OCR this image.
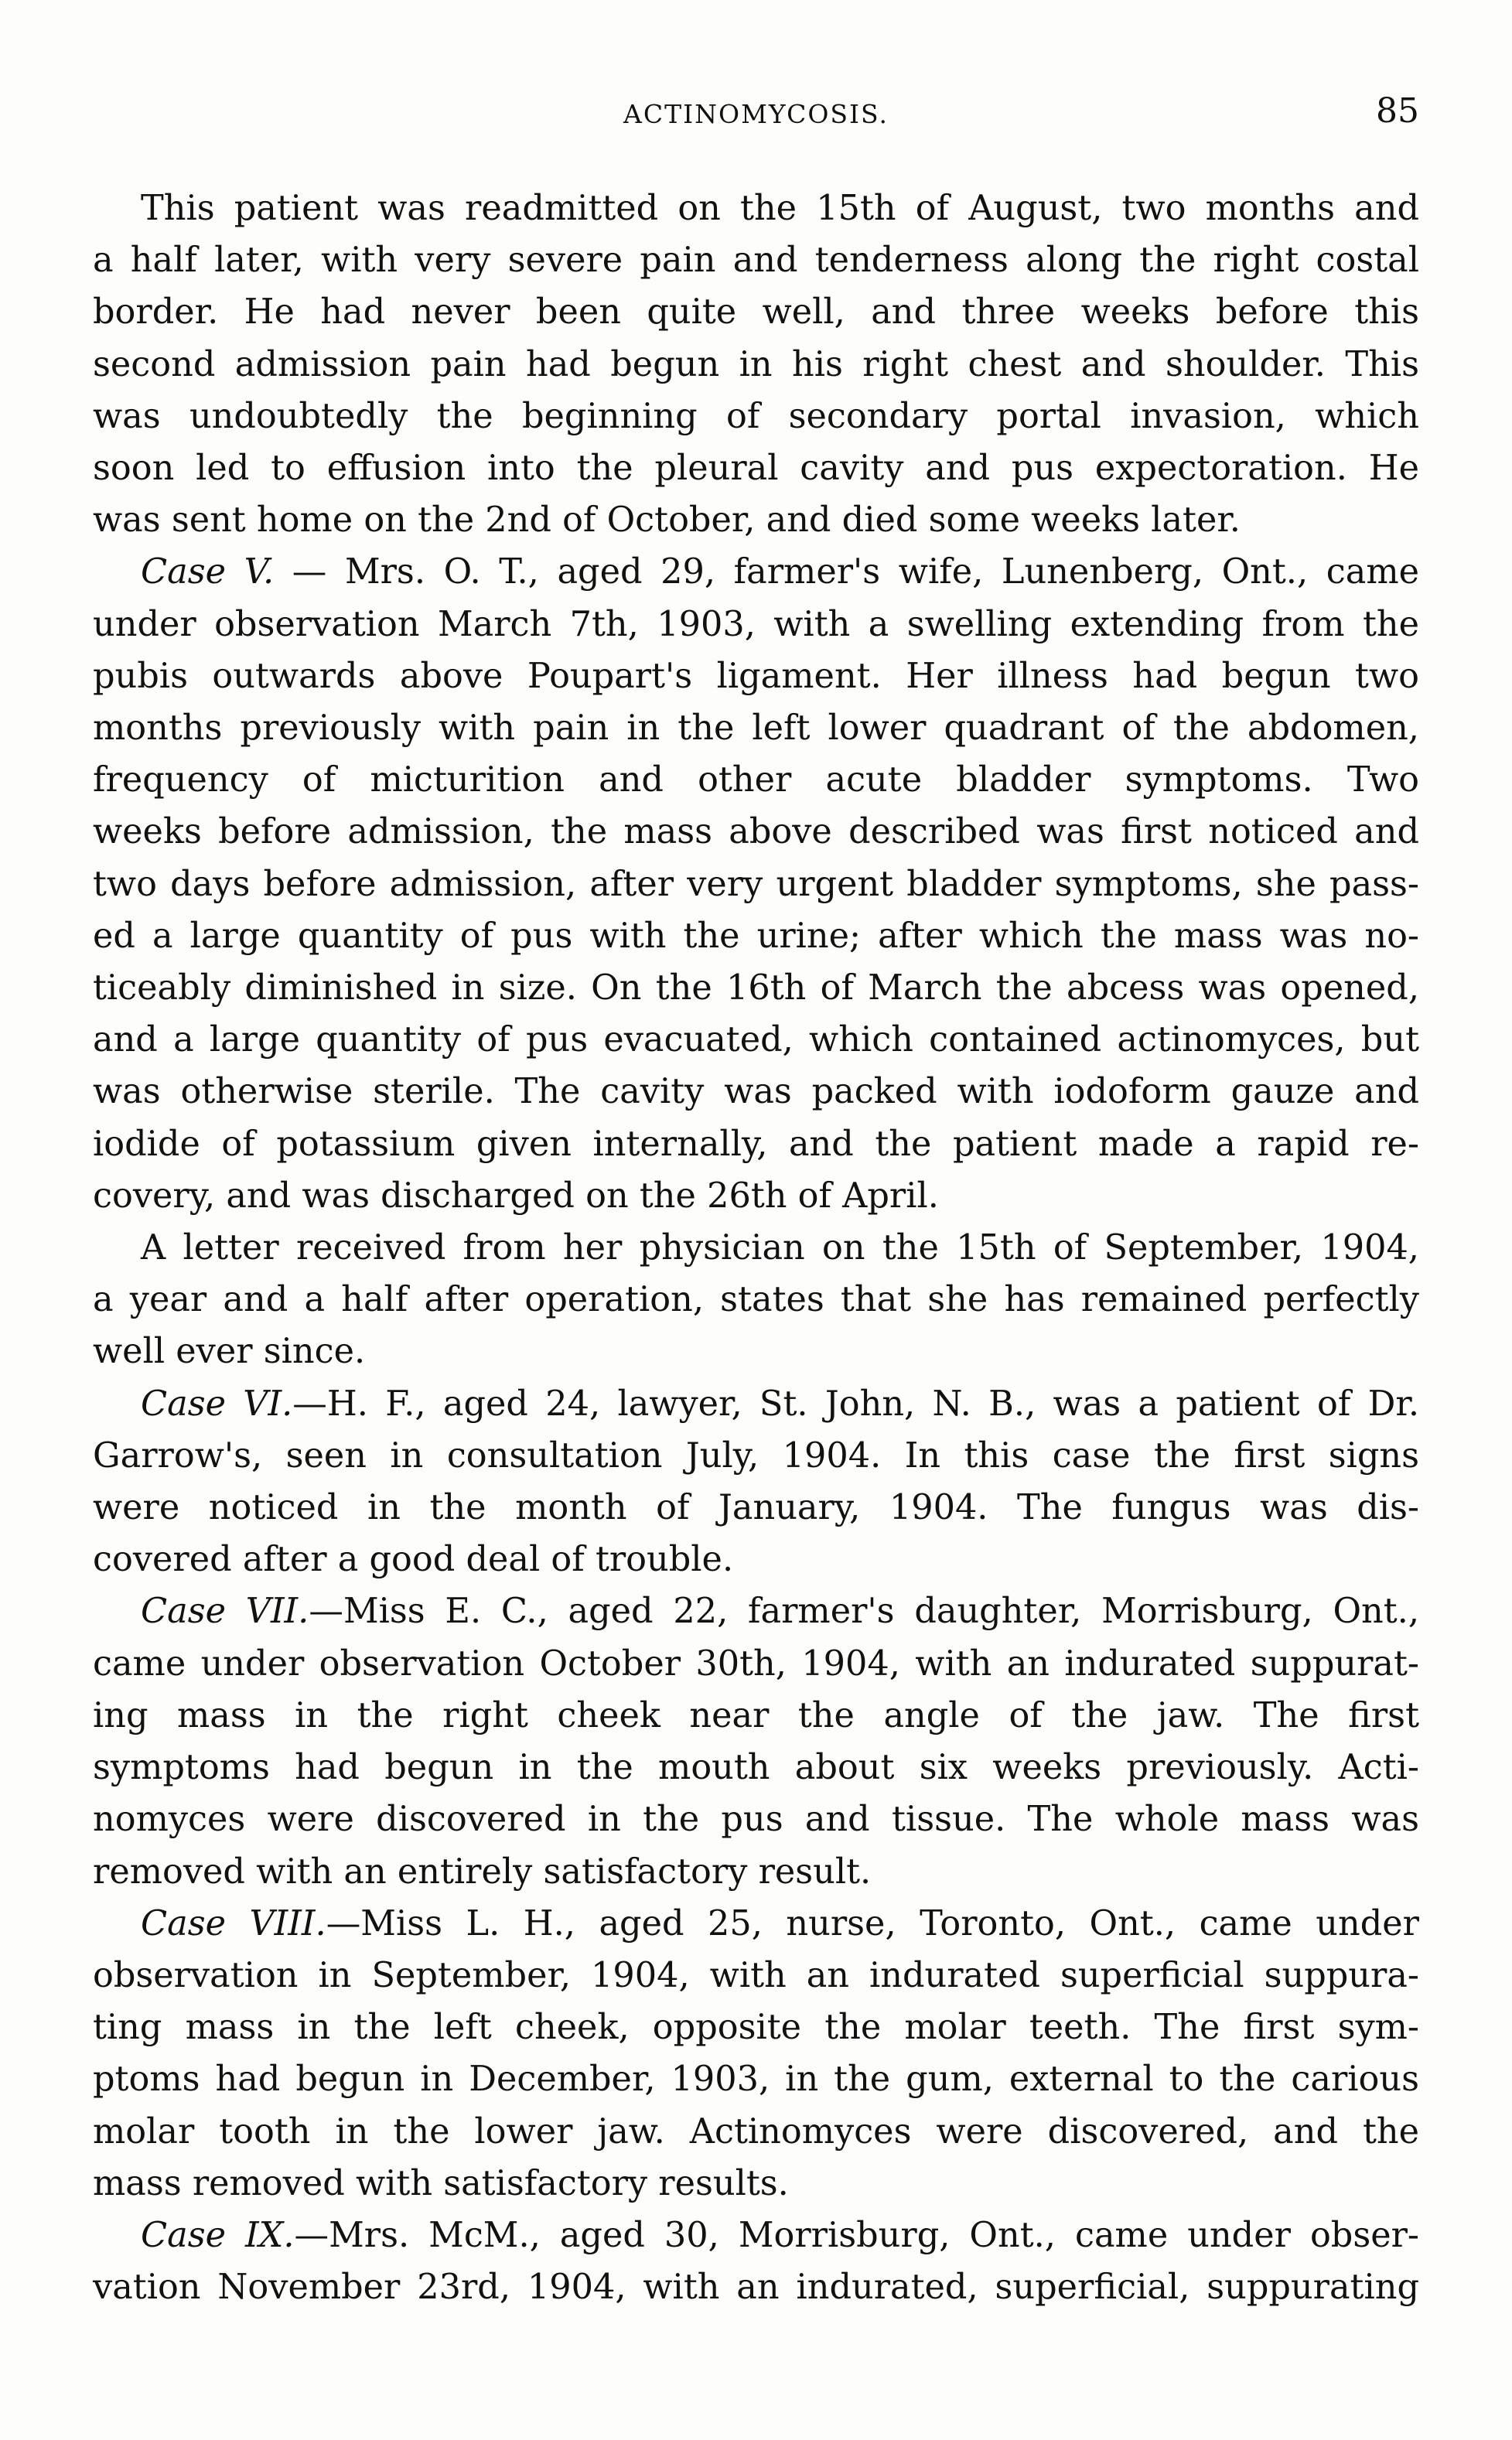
ACTINOMYCOSIS.	85

This patient was readmitted on the 15th of August, two months and
a half later, with very severe pain and tenderness along the right costal
border. He had never been quite well, and three weeks before this
second admission pain had begun in his right chest and shoulder. This
was undoubtedly the beginning of secondary portal invasion, which
soon led to effusion into the pleural cavity and pus expectoration. He
was sent home on the 2nd of October, and died some weeks later.

Case V. — Mrs. O. T., aged 29, farmer's wife, Lunenberg, Ont., came
under observation March 7th, 1903, with a swelling extending from the
pubis outwards above Poupart's ligament. Her illness had begun two
months previously with pain in the left lower quadrant of the abdomen,
frequency of micturition and other acute bladder symptoms. Two
weeks before admission, the mass above described was first noticed and
two days before admission, after very urgent bladder symptoms, she pass-
ed a large quantity of pus with the urine; after which the mass was no-
ticeably diminished in size. On the 16th of March the abcess was opened,
and a large quantity of pus evacuated, which contained actinomyces, but
was otherwise sterile. The cavity was packed with iodoform gauze and
iodide of potassium given internally, and the patient made a rapid re-
covery, and was discharged on the 26th of April.

A letter received from her physician on the 15th of September, 1904,
a year and a half after operation, states that she has remained perfectly
well ever since.

Case VI.—H. F., aged 24, lawyer, St. John, N. B., was a patient of Dr.
Garrow's, seen in consultation July, 1904. In this case the first signs
were noticed in the month of January, 1904. The fungus was dis-
covered after a good deal of trouble.

Case VII.—Miss E. C., aged 22, farmer's daughter, Morrisburg, Ont.,
came under observation October 30th, 1904, with an indurated suppurat-
ing mass in the right cheek near the angle of the jaw. The first
symptoms had begun in the mouth about six weeks previously. Acti-
nomyces were discovered in the pus and tissue. The whole mass was
removed with an entirely satisfactory result.

Case VIII.—Miss L. H., aged 25, nurse, Toronto, Ont., came under
observation in September, 1904, with an indurated superficial suppura-
ting mass in the left cheek, opposite the molar teeth. The first sym-
ptoms had begun in December, 1903, in the gum, external to the carious
molar tooth in the lower jaw. Actinomyces were discovered, and the
mass removed with satisfactory results.

Case IX.—Mrs. McM., aged 30, Morrisburg, Ont., came under obser-
vation November 23rd, 1904, with an indurated, superficial, suppurating
